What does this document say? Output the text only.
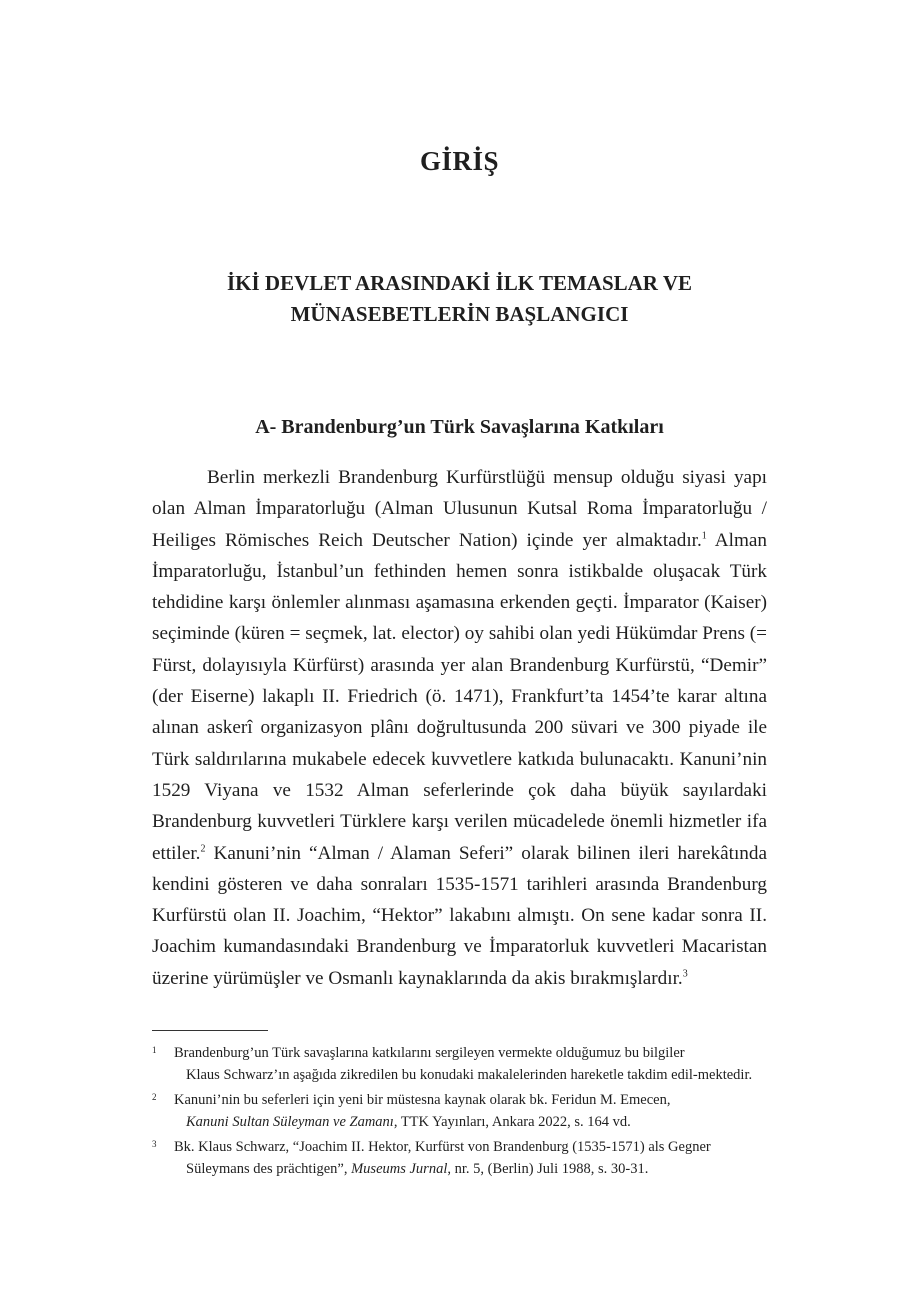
GİRİŞ
İKİ DEVLET ARASINDAKİ İLK TEMASLAR VE
MÜNASEBETLERİN BAŞLANGICI
A- Brandenburg’un Türk Savaşlarına Katkıları

Berlin merkezli Brandenburg Kurfürstlüğü mensup olduğu siyasi yapı olan Alman İmparatorluğu (Alman Ulusunun Kutsal Roma İmparatorluğu / Heiliges Römisches Reich Deutscher Nation) içinde yer almaktadır.$^1$ Alman İmparatorluğu, İstanbul’un fethinden hemen sonra istikbalde oluşacak Türk tehdidine karşı önlemler alınması aşamasına erkenden geçti. İmparator (Kaiser) seçiminde (küren = seçmek, lat. elector) oy sahibi olan yedi Hükümdar Prens (= Fürst, dolayısıyla Kürfürst) arasında yer alan Brandenburg Kurfürstü, “Demir” (der Eiserne) lakaplı II. Friedrich (ö. 1471), Frankfurt’ta 1454’te karar altına alınan askerî organizasyon plânı doğrultusunda 200 süvari ve 300 piyade ile Türk saldırılarına mukabele edecek kuvvetlere katkıda bulunacaktı. Kanuni’nin 1529 Viyana ve 1532 Alman seferlerinde çok daha büyük sayılardaki Brandenburg kuvvetleri Türklere karşı verilen mücadelede önemli hizmetler ifa ettiler.$^2$ Kanuni’nin “Alman / Alaman Seferi” olarak bilinen ileri harekâtında kendini gösteren ve daha sonraları 1535-1571 tarihleri arasında Brandenburg Kurfürstü olan II. Joachim, “Hektor” lakabını almıştı. On sene kadar sonra II. Joachim kumandasındaki Brandenburg ve İmparatorluk kuvvetleri Macaristan üzerine yürümüşler ve Osmanlı kaynaklarında da akis bırakmışlardır.$^3$

1 Brandenburg’un Türk savaşlarına katkılarını sergileyen vermekte olduğumuz bu bilgiler
Klaus Schwarz’ın aşağıda zikredilen bu konudaki makalelerinden hareketle takdim edil-mektedir.
2 Kanuni’nin bu seferleri için yeni bir müstesna kaynak olarak bk. Feridun M. Emecen,
Kanuni Sultan Süleyman ve Zamanı, TTK Yayınları, Ankara 2022, s. 164 vd.
3 Bk. Klaus Schwarz, “Joachim II. Hektor, Kurfürst von Brandenburg (1535-1571) als Gegner
Süleymans des prächtigen”, Museums Jurnal, nr. 5, (Berlin) Juli 1988, s. 30-31.
